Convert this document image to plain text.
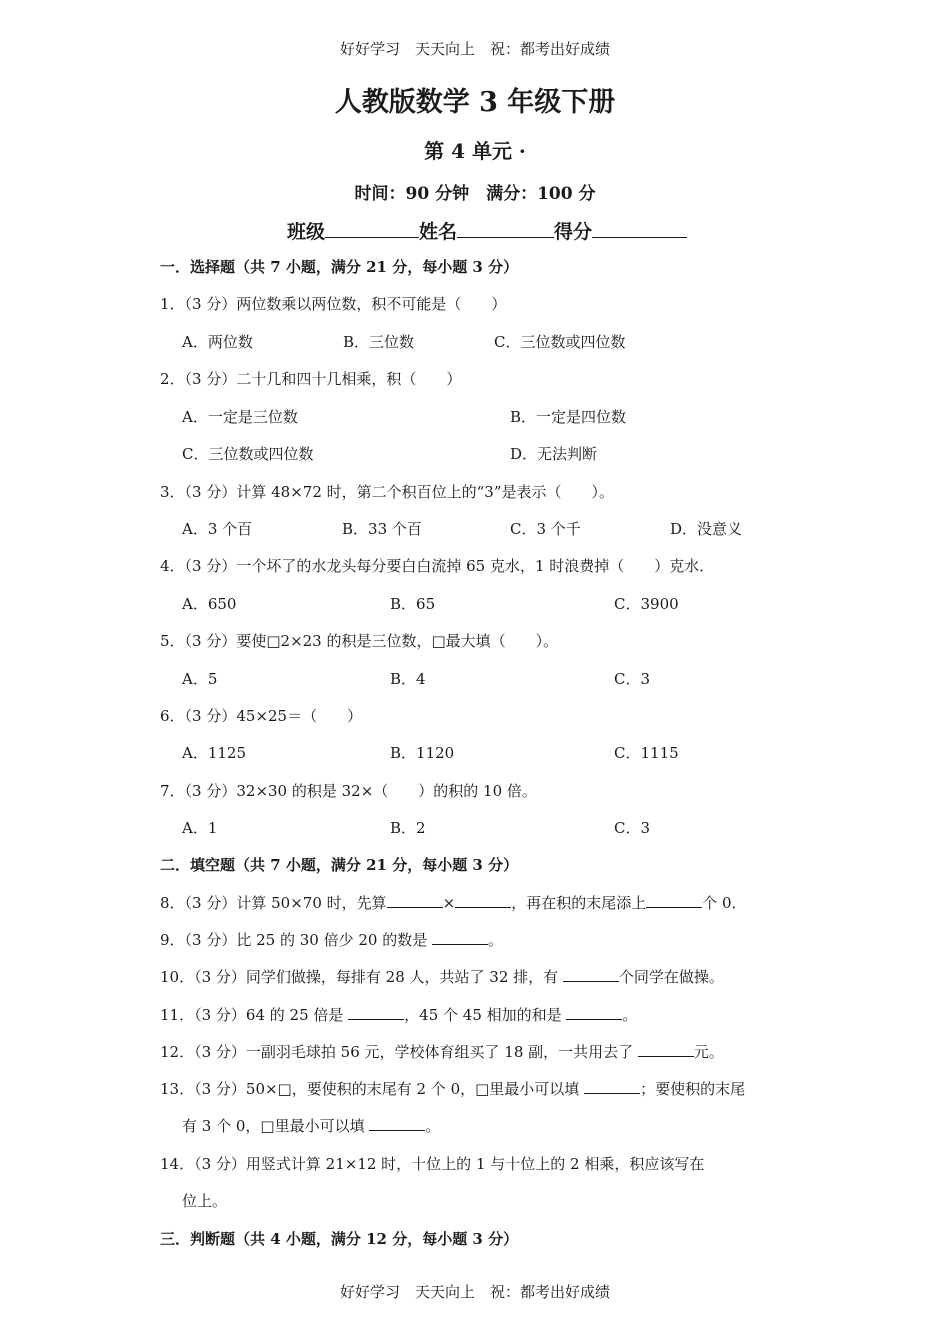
好好学习　天天向上　祝：都考出好成绩
人教版数学 3 年级下册
第 4 单元 ·
时间：90 分钟　满分：100 分
班级	姓名	得分
一．选择题（共 7 小题，满分 21 分，每小题 3 分）
1．（3 分）两位数乘以两位数，积不可能是（　　）
A．两位数	B．三位数	C．三位数或四位数
2．（3 分）二十几和四十几相乘，积（　　）
A．一定是三位数	B．一定是四位数
C．三位数或四位数	D．无法判断
3．（3 分）计算 48×72 时，第二个积百位上的“3”是表示（　　）。
A．3 个百	B．33 个百	C．3 个千	D．没意义
4．（3 分）一个坏了的水龙头每分要白白流掉 65 克水，1 时浪费掉（　　）克水．
A．650	B．65	C．3900
5．（3 分）要使□2×23 的积是三位数，□最大填（　　）。
A．5	B．4	C．3
6．（3 分）45×25＝（　　）
A．1125	B．1120	C．1115
7．（3 分）32×30 的积是 32×（　　）的积的 10 倍。
A．1	B．2	C．3
二．填空题（共 7 小题，满分 21 分，每小题 3 分）
8．（3 分）计算 50×70 时，先算	×	，再在积的末尾添上	个 0．
9．（3 分）比 25 的 30 倍少 20 的数是	。
10．（3 分）同学们做操，每排有 28 人，共站了 32 排，有	个同学在做操。
11．（3 分）64 的 25 倍是	，45 个 45 相加的和是	。
12．（3 分）一副羽毛球拍 56 元，学校体育组买了 18 副，一共用去了	元。
13．（3 分）50×□，要使积的末尾有 2 个 0，□里最小可以填	；要使积的末尾
有 3 个 0，□里最小可以填	。
14．（3 分）用竖式计算 21×12 时，十位上的 1 与十位上的 2 相乘，积应该写在
位上。
三．判断题（共 4 小题，满分 12 分，每小题 3 分）
好好学习　天天向上　祝：都考出好成绩
